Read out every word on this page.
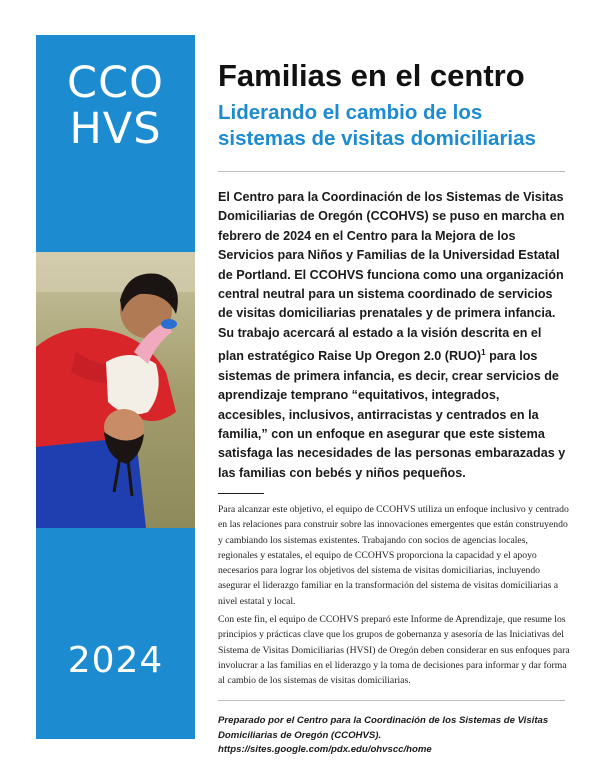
CCO
HVS
2024
Familias en el centro
Liderando el cambio de los sistemas de visitas domiciliarias

El Centro para la Coordinación de los Sistemas de Visitas Domiciliarias de Oregón (CCOHVS) se puso en marcha en febrero de 2024 en el Centro para la Mejora de los Servicios para Niños y Familias de la Universidad Estatal de Portland. El CCOHVS funciona como una organización central neutral para un sistema coordinado de servicios de visitas domiciliarias prenatales y de primera infancia. Su trabajo acercará al estado a la visión descrita en el plan estratégico Raise Up Oregon 2.0 (RUO)$^1$ para los sistemas de primera infancia, es decir, crear servicios de aprendizaje temprano “equitativos, integrados, accesibles, inclusivos, antirracistas y centrados en la familia,” con un enfoque en asegurar que este sistema satisfaga las necesidades de las personas embarazadas y las familias con bebés y niños pequeños.

Para alcanzar este objetivo, el equipo de CCOHVS utiliza un enfoque inclusivo y centrado en las relaciones para construir sobre las innovaciones emergentes que están construyendo y cambiando los sistemas existentes. Trabajando con socios de agencias locales, regionales y estatales, el equipo de CCOHVS proporciona la capacidad y el apoyo necesarios para lograr los objetivos del sistema de visitas domiciliarias, incluyendo asegurar el liderazgo familiar en la transformación del sistema de visitas domiciliarias a nivel estatal y local.

Con este fin, el equipo de CCOHVS preparó este Informe de Aprendizaje, que resume los principios y prácticas clave que los grupos de gobernanza y asesoría de las Iniciativas del Sistema de Visitas Domiciliarias (HVSI) de Oregón deben considerar en sus enfoques para involucrar a las familias en el liderazgo y la toma de decisiones para informar y dar forma al cambio de los sistemas de visitas domiciliarias.

Preparado por el Centro para la Coordinación de los Sistemas de Visitas Domiciliarias de Oregón (CCOHVS). https://sites.google.com/pdx.edu/ohvscc/home
